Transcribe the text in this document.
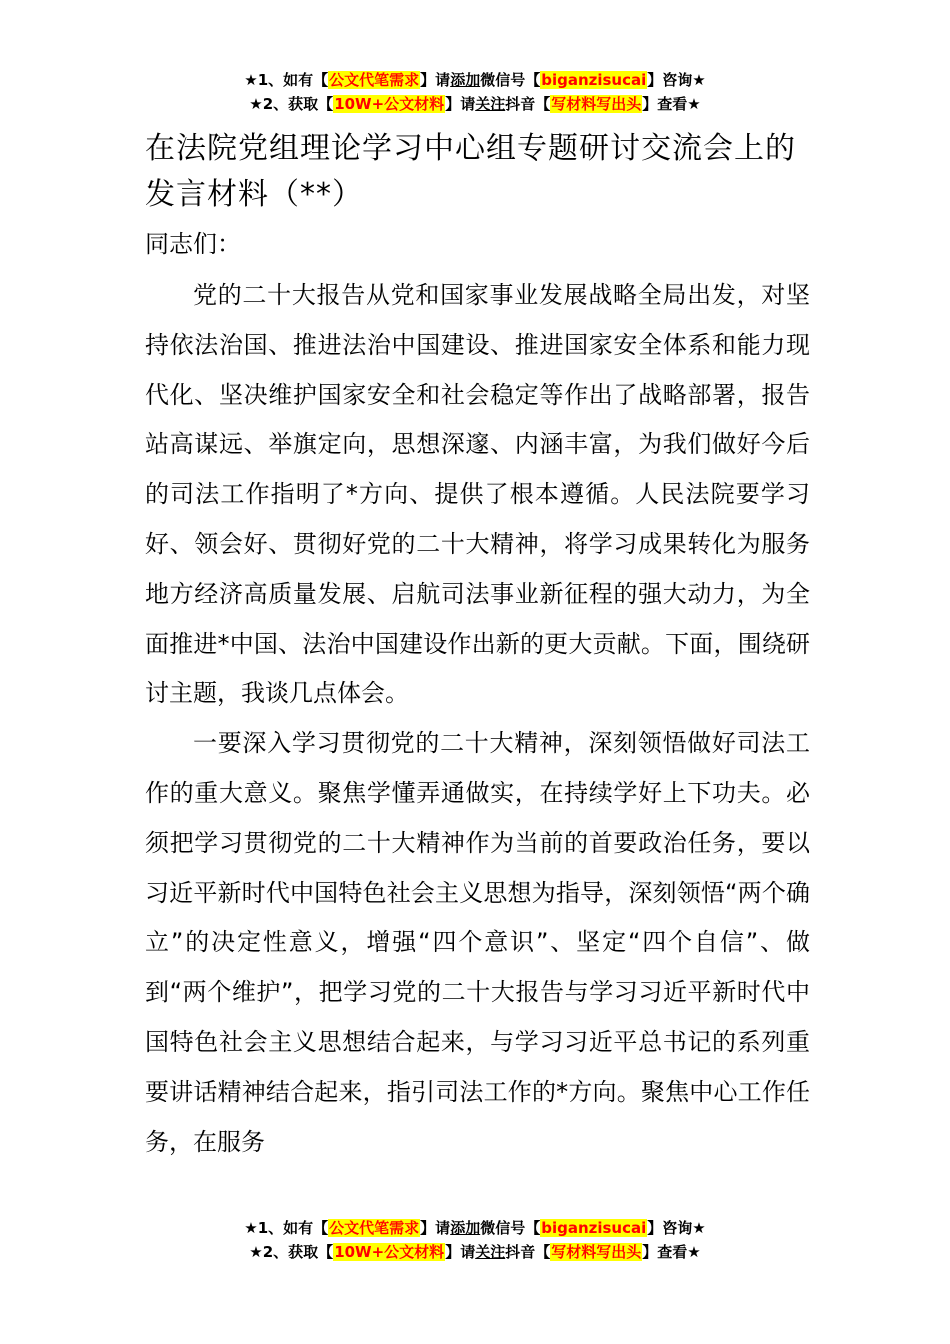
★1、如有【公文代笔需求】请添加微信号【biganzisucai】咨询★
★2、获取【10W+公文材料】请关注抖音【写材料写出头】查看★
在法院党组理论学习中心组专题研讨交流会上的发言材料（**）

同志们：

党的二十大报告从党和国家事业发展战略全局出发，对坚持依法治国、推进法治中国建设、推进国家安全体系和能力现代化、坚决维护国家安全和社会稳定等作出了战略部署，报告站高谋远、举旗定向，思想深邃、内涵丰富，为我们做好今后的司法工作指明了*方向、提供了根本遵循。人民法院要学习好、领会好、贯彻好党的二十大精神，将学习成果转化为服务地方经济高质量发展、启航司法事业新征程的强大动力，为全面推进*中国、法治中国建设作出新的更大贡献。下面，围绕研讨主题，我谈几点体会。

一要深入学习贯彻党的二十大精神，深刻领悟做好司法工作的重大意义。聚焦学懂弄通做实，在持续学好上下功夫。必须把学习贯彻党的二十大精神作为当前的首要政治任务，要以习近平新时代中国特色社会主义思想为指导，深刻领悟“两个确立”的决定性意义，增强“四个意识”、坚定“四个自信”、做到“两个维护”，把学习党的二十大报告与学习习近平新时代中国特色社会主义思想结合起来，与学习习近平总书记的系列重要讲话精神结合起来，指引司法工作的*方向。聚焦中心工作任务，在服务

★1、如有【公文代笔需求】请添加微信号【biganzisucai】咨询★
★2、获取【10W+公文材料】请关注抖音【写材料写出头】查看★
